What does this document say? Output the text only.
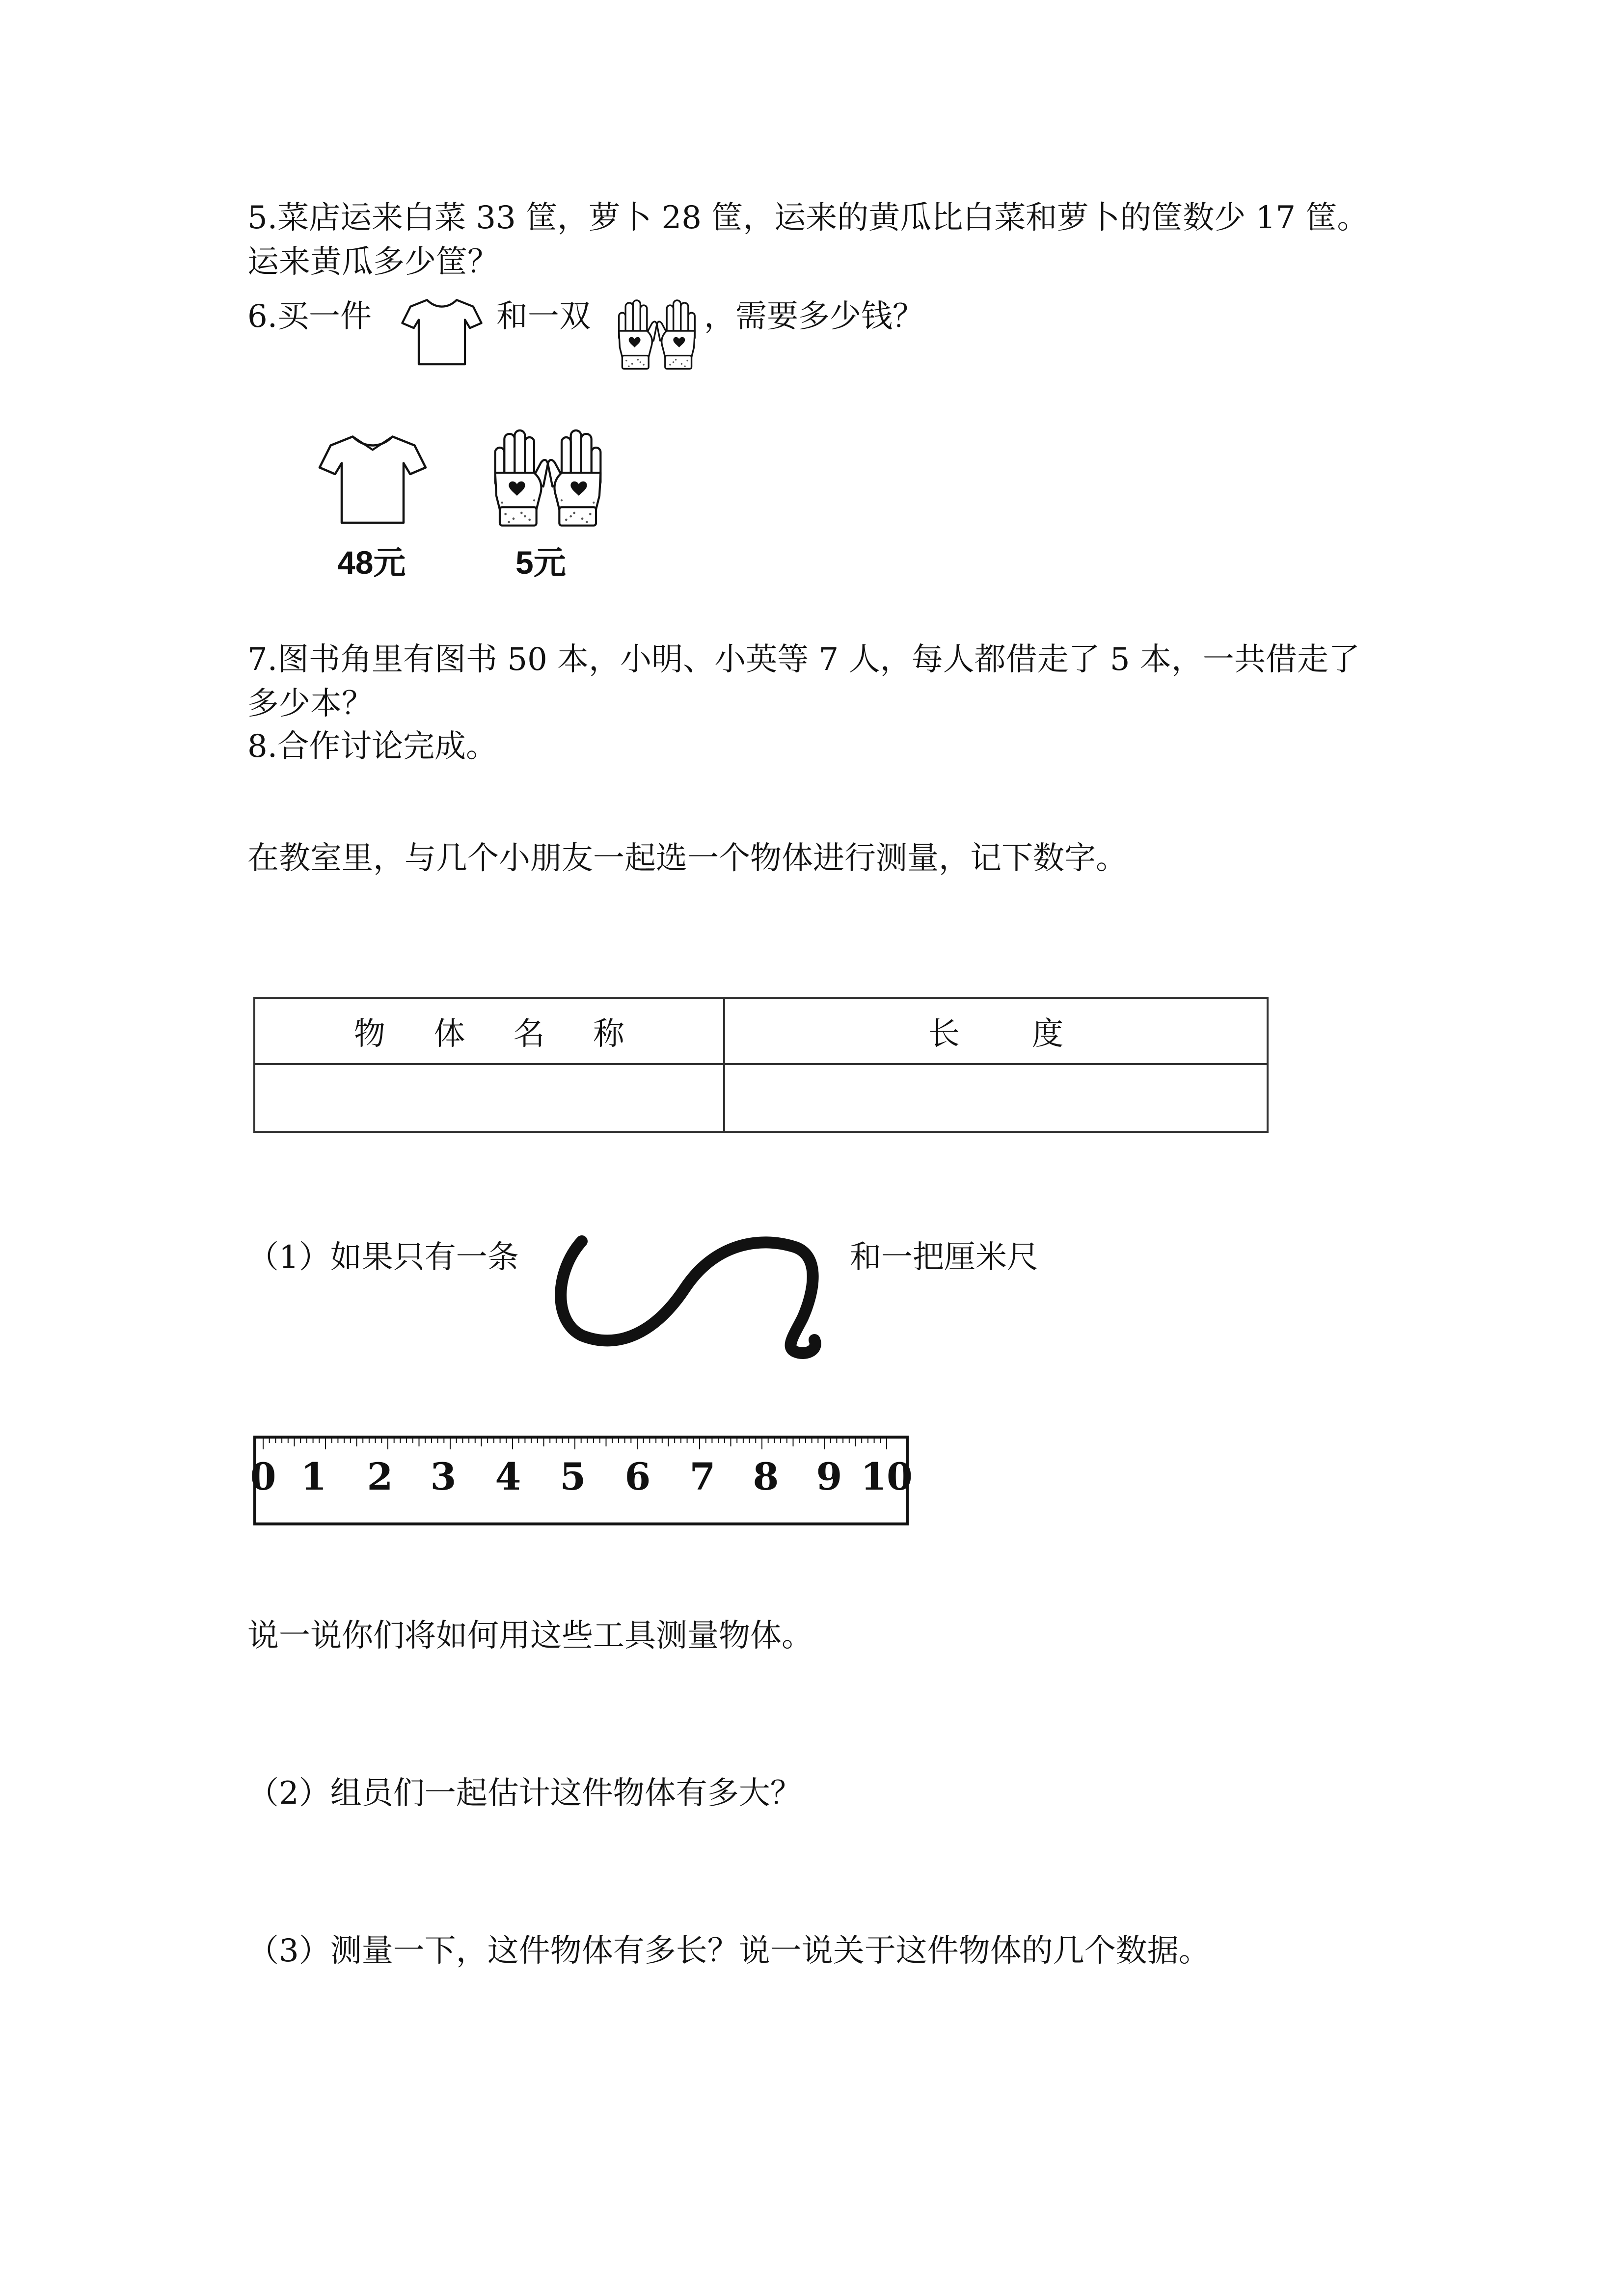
5.菜店运来白菜 33 筐，萝卜 28 筐，运来的黄瓜比白菜和萝卜的筐数少 17 筐。
运来黄瓜多少筐？
6.买一件	和一双	，需要多少钱？
48元	5元
7.图书角里有图书 50 本，小明、小英等 7 人，每人都借走了 5 本，一共借走了
多少本？
8.合作讨论完成。
在教室里，与几个小朋友一起选一个物体进行测量，记下数字。
物 体 名 称	长 度

（1）如果只有一条	和一把厘米尺
0 1 2 3 4 5 6 7 8 9 10
说一说你们将如何用这些工具测量物体。
（2）组员们一起估计这件物体有多大？
（3）测量一下，这件物体有多长？说一说关于这件物体的几个数据。
